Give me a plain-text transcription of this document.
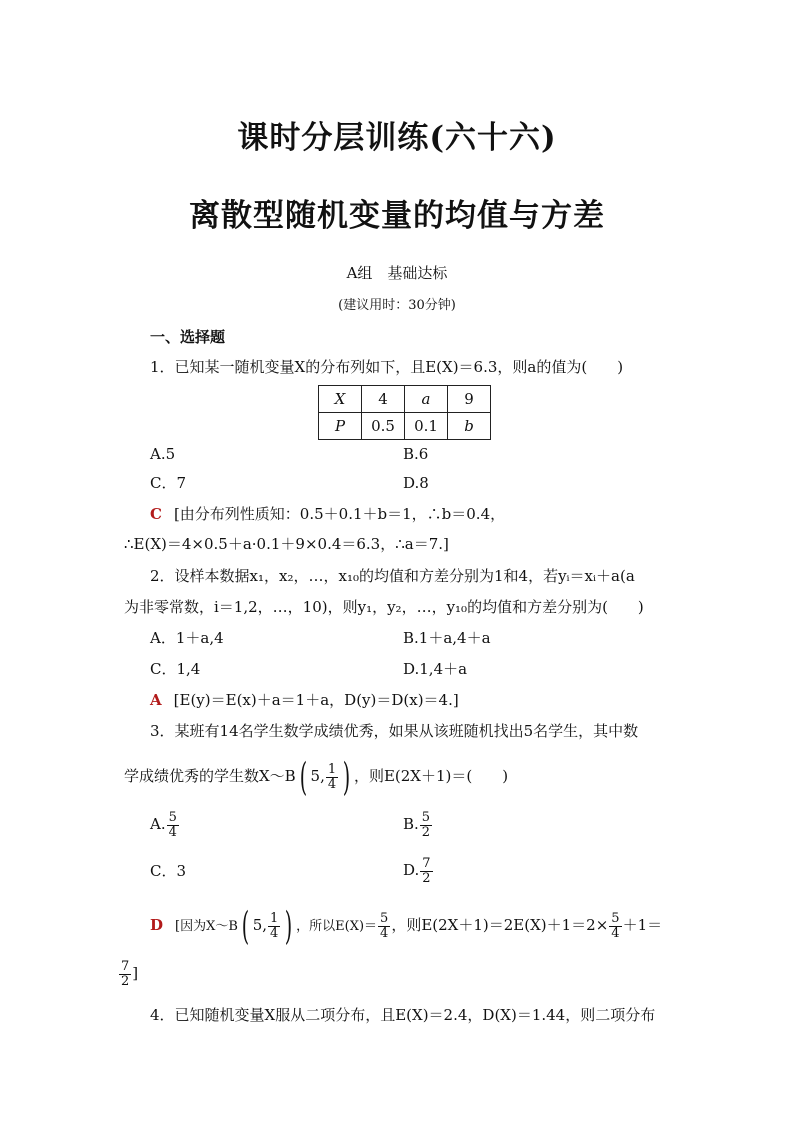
课时分层训练(六十六)
离散型随机变量的均值与方差
A组　基础达标
(建议用时：30分钟)
一、选择题
1．已知某一随机变量X的分布列如下，且E(X)＝6.3，则a的值为(　　)
X	4	a	9
P	0.5	0.1	b
A.5	B.6
C．7	D.8
C [由分布列性质知：0.5＋0.1＋b＝1，∴b＝0.4，
∴E(X)＝4×0.5＋a·0.1＋9×0.4＝6.3，∴a＝7.]
2．设样本数据x₁，x₂，…，x₁₀的均值和方差分别为1和4，若yᵢ＝xᵢ＋a(a
为非零常数，i＝1,2，…，10)，则y₁，y₂，…，y₁₀的均值和方差分别为(　　)
A．1＋a,4	B.1＋a,4＋a
C．1,4	D.1,4＋a
A [E(y)＝E(x)＋a＝1＋a，D(y)＝D(x)＝4.]
3．某班有14名学生数学成绩优秀，如果从该班随机找出5名学生，其中数
学成绩优秀的学生数X～B( 5, $\frac{1}{4}$ ) ，则E(2X＋1)＝(　　)
A. $\frac{5}{4}$	B. $\frac{5}{2}$
C．3	D. $\frac{7}{2}$
D [因为X～B( 5, $\frac{1}{4}$ ) ，所以$E(X)= \frac{5}{4}$ ，则$E(2X+1)=2E(X)+1=2\times \frac{5}{4} +1=$
$\frac{7}{2}$ ]
4．已知随机变量X服从二项分布，且E(X)＝2.4，D(X)＝1.44，则二项分布
